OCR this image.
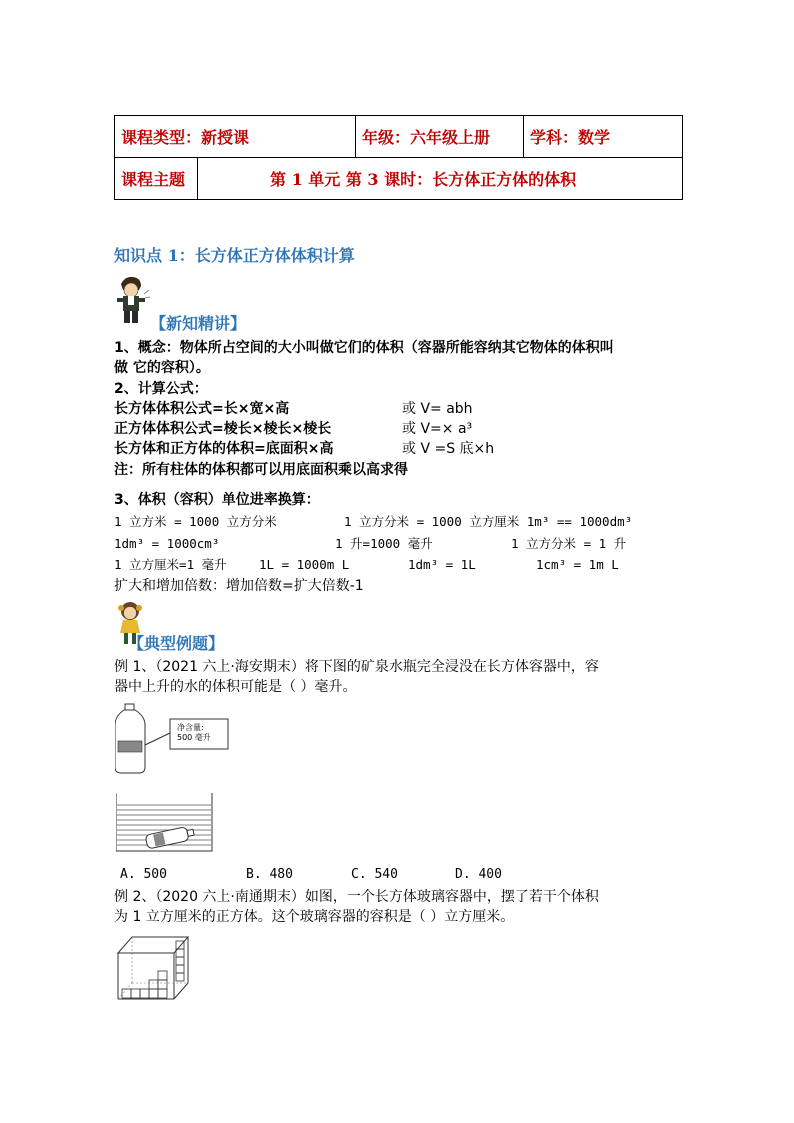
课程类型：新授课	年级：六年级上册	学科：数学
课程主题	第 1 单元 第 3 课时：长方体正方体的体积
知识点 1：长方体正方体体积计算
【新知精讲】
1、概念：物体所占空间的大小叫做它们的体积（容器所能容纳其它物体的体积叫
做 它的容积）。
2、计算公式：
长方体体积公式=长×宽×高	或 V= abh
正方体体积公式=棱长×棱长×棱长	或 V=× a³
长方体和正方体的体积=底面积×高	或 V =S 底×h
注：所有柱体的体积都可以用底面积乘以高求得
3、体积（容积）单位进率换算：
1 立方米 = 1000 立方分米	1 立方分米 = 1000 立方厘米 1m³ == 1000dm³
1dm³ = 1000cm³	1 升=1000 毫升	1 立方分米 = 1 升
1 立方厘米=1 毫升	1L = 1000m L	1dm³ = 1L	1cm³ = 1m L
扩大和增加倍数：增加倍数=扩大倍数-1
【典型例题】
例 1、（2021 六上·海安期末）将下图的矿泉水瓶完全浸没在长方体容器中，容
器中上升的水的体积可能是（ ）毫升。
净含量:
500 毫升
A. 500	B. 480	C. 540	D. 400
例 2、（2020 六上·南通期末）如图，一个长方体玻璃容器中，摆了若干个体积
为 1 立方厘米的正方体。这个玻璃容器的容积是（ ）立方厘米。
